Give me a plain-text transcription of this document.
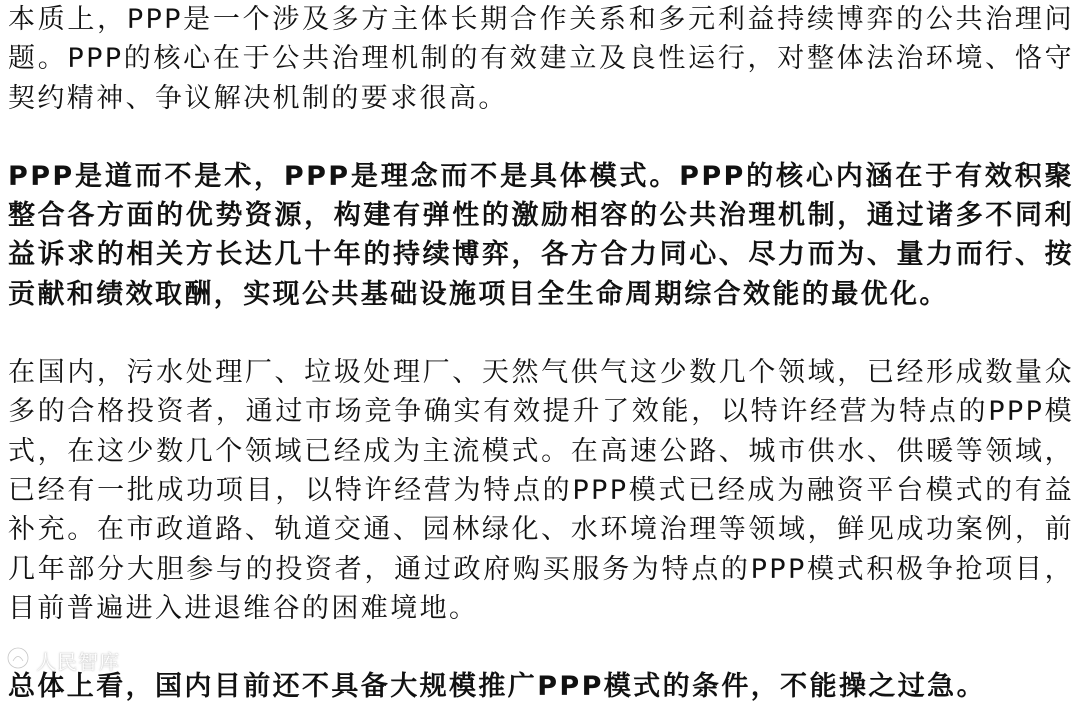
本质上，PPP是一个涉及多方主体长期合作关系和多元利益持续博弈的公共治理问题。PPP的核心在于公共治理机制的有效建立及良性运行，对整体法治环境、恪守契约精神、争议解决机制的要求很高。

PPP是道而不是术，PPP是理念而不是具体模式。PPP的核心内涵在于有效积聚整合各方面的优势资源，构建有弹性的激励相容的公共治理机制，通过诸多不同利益诉求的相关方长达几十年的持续博弈，各方合力同心、尽力而为、量力而行、按贡献和绩效取酬，实现公共基础设施项目全生命周期综合效能的最优化。

在国内，污水处理厂、垃圾处理厂、天然气供气这少数几个领域，已经形成数量众多的合格投资者，通过市场竞争确实有效提升了效能，以特许经营为特点的PPP模式，在这少数几个领域已经成为主流模式。在高速公路、城市供水、供暖等领域，已经有一批成功项目，以特许经营为特点的PPP模式已经成为融资平台模式的有益补充。在市政道路、轨道交通、园林绿化、水环境治理等领域，鲜见成功案例，前几年部分大胆参与的投资者，通过政府购买服务为特点的PPP模式积极争抢项目，目前普遍进入进退维谷的困难境地。

总体上看，国内目前还不具备大规模推广PPP模式的条件，不能操之过急。

人民智库
